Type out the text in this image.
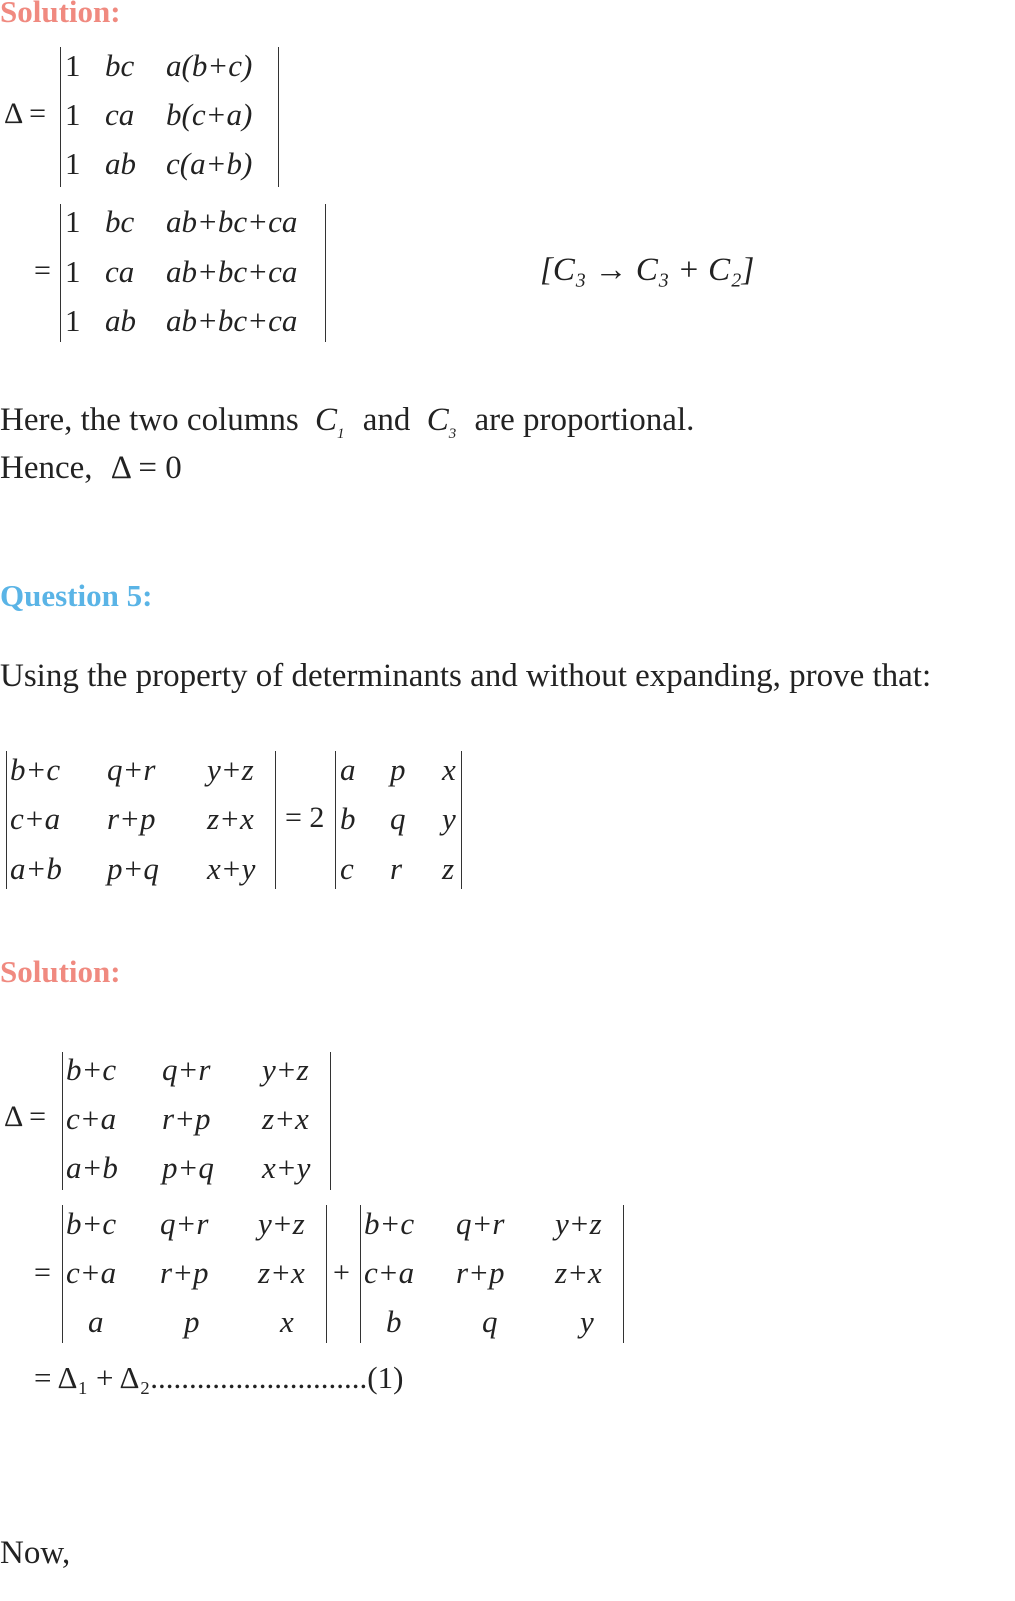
Solution:
Δ =
1 bc a(b+c)
1 ca b(c+a)
1 ab c(a+b)
=
1 bc ab+bc+ca
1 ca ab+bc+ca
1 ab ab+bc+ca
[C₃ → C₃ + C₂]
Here, the two columns $C_1$ and $C_3$ are proportional.
Hence, Δ = 0
Question 5:
Using the property of determinants and without expanding, prove that:
b+c q+r y+z
c+a r+p z+x
a+b p+q x+y
= 2
a p x
b q y
c r z
Solution:
Δ =
b+c q+r y+z
c+a r+p z+x
a+b p+q x+y
=
b+c q+r y+z
c+a r+p z+x
a	p	x
+
b+c q+r y+z
c+a r+p z+x
b	q	y
= Δ₁ + Δ₂............................(1)
Now,
